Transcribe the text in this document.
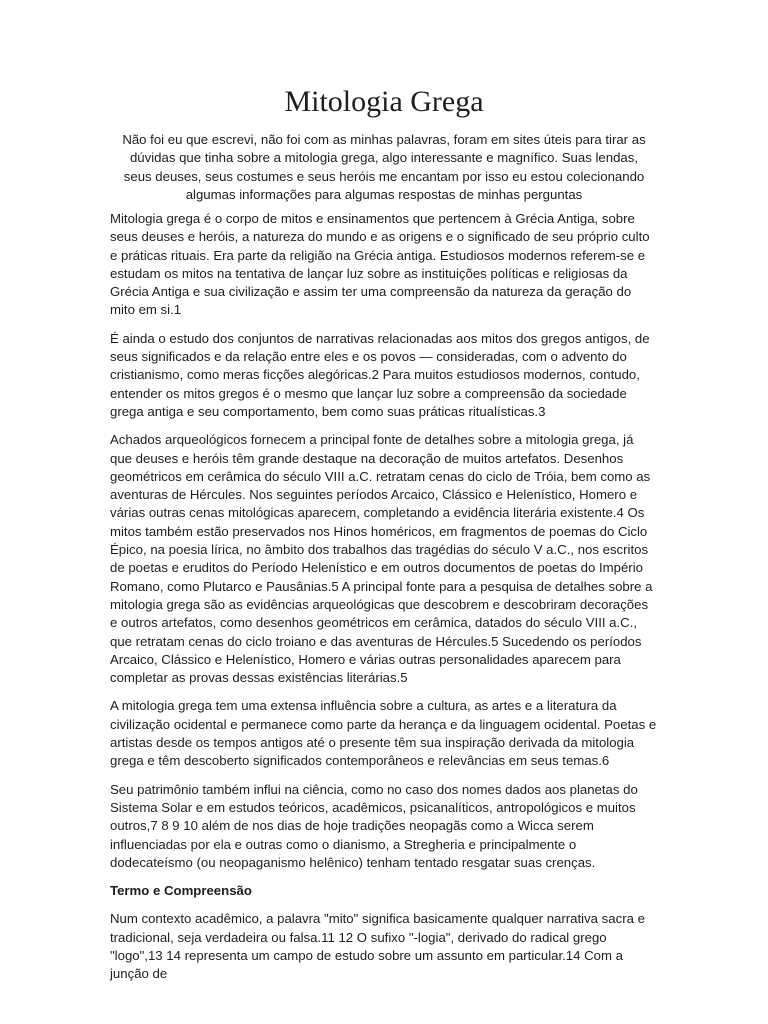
Mitologia Grega

Não foi eu que escrevi, não foi com as minhas palavras, foram em sites úteis para tirar as dúvidas que tinha sobre a mitologia grega, algo interessante e magnífico. Suas lendas, seus deuses, seus costumes e seus heróis me encantam por isso eu estou colecionando algumas informações para algumas respostas de minhas perguntas

Mitologia grega é o corpo de mitos e ensinamentos que pertencem à Grécia Antiga, sobre seus deuses e heróis, a natureza do mundo e as origens e o significado de seu próprio culto e práticas rituais. Era parte da religião na Grécia antiga. Estudiosos modernos referem-se e estudam os mitos na tentativa de lançar luz sobre as instituições políticas e religiosas da Grécia Antiga e sua civilização e assim ter uma compreensão da natureza da geração do mito em si.1

É ainda o estudo dos conjuntos de narrativas relacionadas aos mitos dos gregos antigos, de seus significados e da relação entre eles e os povos — consideradas, com o advento do cristianismo, como meras ficções alegóricas.2 Para muitos estudiosos modernos, contudo, entender os mitos gregos é o mesmo que lançar luz sobre a compreensão da sociedade grega antiga e seu comportamento, bem como suas práticas ritualísticas.3

Achados arqueológicos fornecem a principal fonte de detalhes sobre a mitologia grega, já que deuses e heróis têm grande destaque na decoração de muitos artefatos. Desenhos geométricos em cerâmica do século VIII a.C. retratam cenas do ciclo de Tróia, bem como as aventuras de Hércules. Nos seguintes períodos Arcaico, Clássico e Helenístico, Homero e várias outras cenas mitológicas aparecem, completando a evidência literária existente.4 Os mitos também estão preservados nos Hinos homéricos, em fragmentos de poemas do Ciclo Épico, na poesia lírica, no âmbito dos trabalhos das tragédias do século V a.C., nos escritos de poetas e eruditos do Período Helenístico e em outros documentos de poetas do Império Romano, como Plutarco e Pausânias.5 A principal fonte para a pesquisa de detalhes sobre a mitologia grega são as evidências arqueológicas que descobrem e descobriram decorações e outros artefatos, como desenhos geométricos em cerâmica, datados do século VIII a.C., que retratam cenas do ciclo troiano e das aventuras de Hércules.5 Sucedendo os períodos Arcaico, Clássico e Helenístico, Homero e várias outras personalidades aparecem para completar as provas dessas existências literárias.5

A mitologia grega tem uma extensa influência sobre a cultura, as artes e a literatura da civilização ocidental e permanece como parte da herança e da linguagem ocidental. Poetas e artistas desde os tempos antigos até o presente têm sua inspiração derivada da mitologia grega e têm descoberto significados contemporâneos e relevâncias em seus temas.6

Seu patrimônio também influi na ciência, como no caso dos nomes dados aos planetas do Sistema Solar e em estudos teóricos, acadêmicos, psicanalíticos, antropológicos e muitos outros,7 8 9 10 além de nos dias de hoje tradições neopagãs como a Wicca serem influenciadas por ela e outras como o dianismo, a Stregheria e principalmente o dodecateísmo (ou neopaganismo helênico) tenham tentado resgatar suas crenças.

Termo e Compreensão

Num contexto acadêmico, a palavra "mito" significa basicamente qualquer narrativa sacra e tradicional, seja verdadeira ou falsa.11 12 O sufixo "-logia", derivado do radical grego "logo",13 14 representa um campo de estudo sobre um assunto em particular.14 Com a junção de
